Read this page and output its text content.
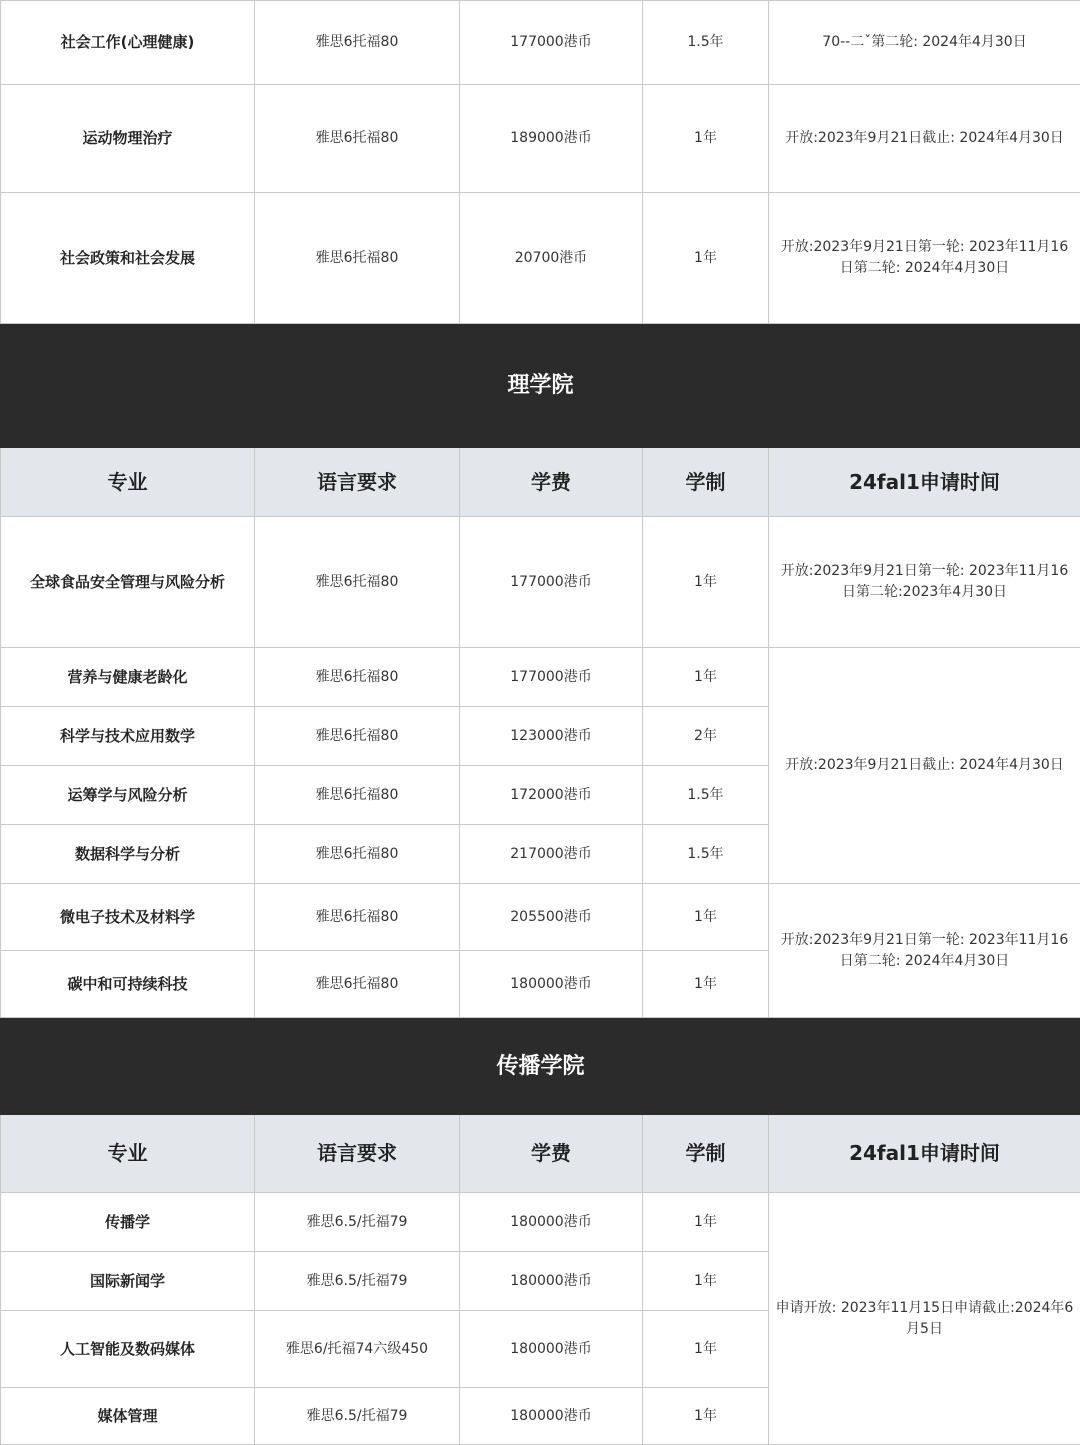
社会工作(心理健康)	雅思6托福80	177000港币	1.5年	70--二ˇ第二轮: 2024年4月30日
运动物理治疗	雅思6托福80	189000港币	1年	开放:2023年9月21日截止: 2024年4月30日
社会政策和社会发展	雅思6托福80	20700港币	1年	开放:2023年9月21日第一轮: 2023年11月16日第二轮: 2024年4月30日
理学院				
专业	语言要求	学费	学制	24fal1申请时间
全球食品安全管理与风险分析	雅思6托福80	177000港币	1年	开放:2023年9月21日第一轮: 2023年11月16日第二轮:2023年4月30日
营养与健康老龄化	雅思6托福80	177000港币	1年	开放:2023年9月21日截止: 2024年4月30日
科学与技术应用数学	雅思6托福80	123000港币	2年	
运筹学与风险分析	雅思6托福80	172000港币	1.5年	
数据科学与分析	雅思6托福80	217000港币	1.5年	
微电子技术及材料学	雅思6托福80	205500港币	1年	开放:2023年9月21日第一轮: 2023年11月16日第二轮: 2024年4月30日
碳中和可持续科技	雅思6托福80	180000港币	1年	
传播学院				
专业	语言要求	学费	学制	24fal1申请时间
传播学	雅思6.5/托福79	180000港币	1年	申请开放: 2023年11月15日申请截止:2024年6月5日
国际新闻学	雅思6.5/托福79	180000港币	1年	
人工智能及数码媒体	雅思6/托福74六级450	180000港币	1年	
媒体管理	雅思6.5/托福79	180000港币	1年	
